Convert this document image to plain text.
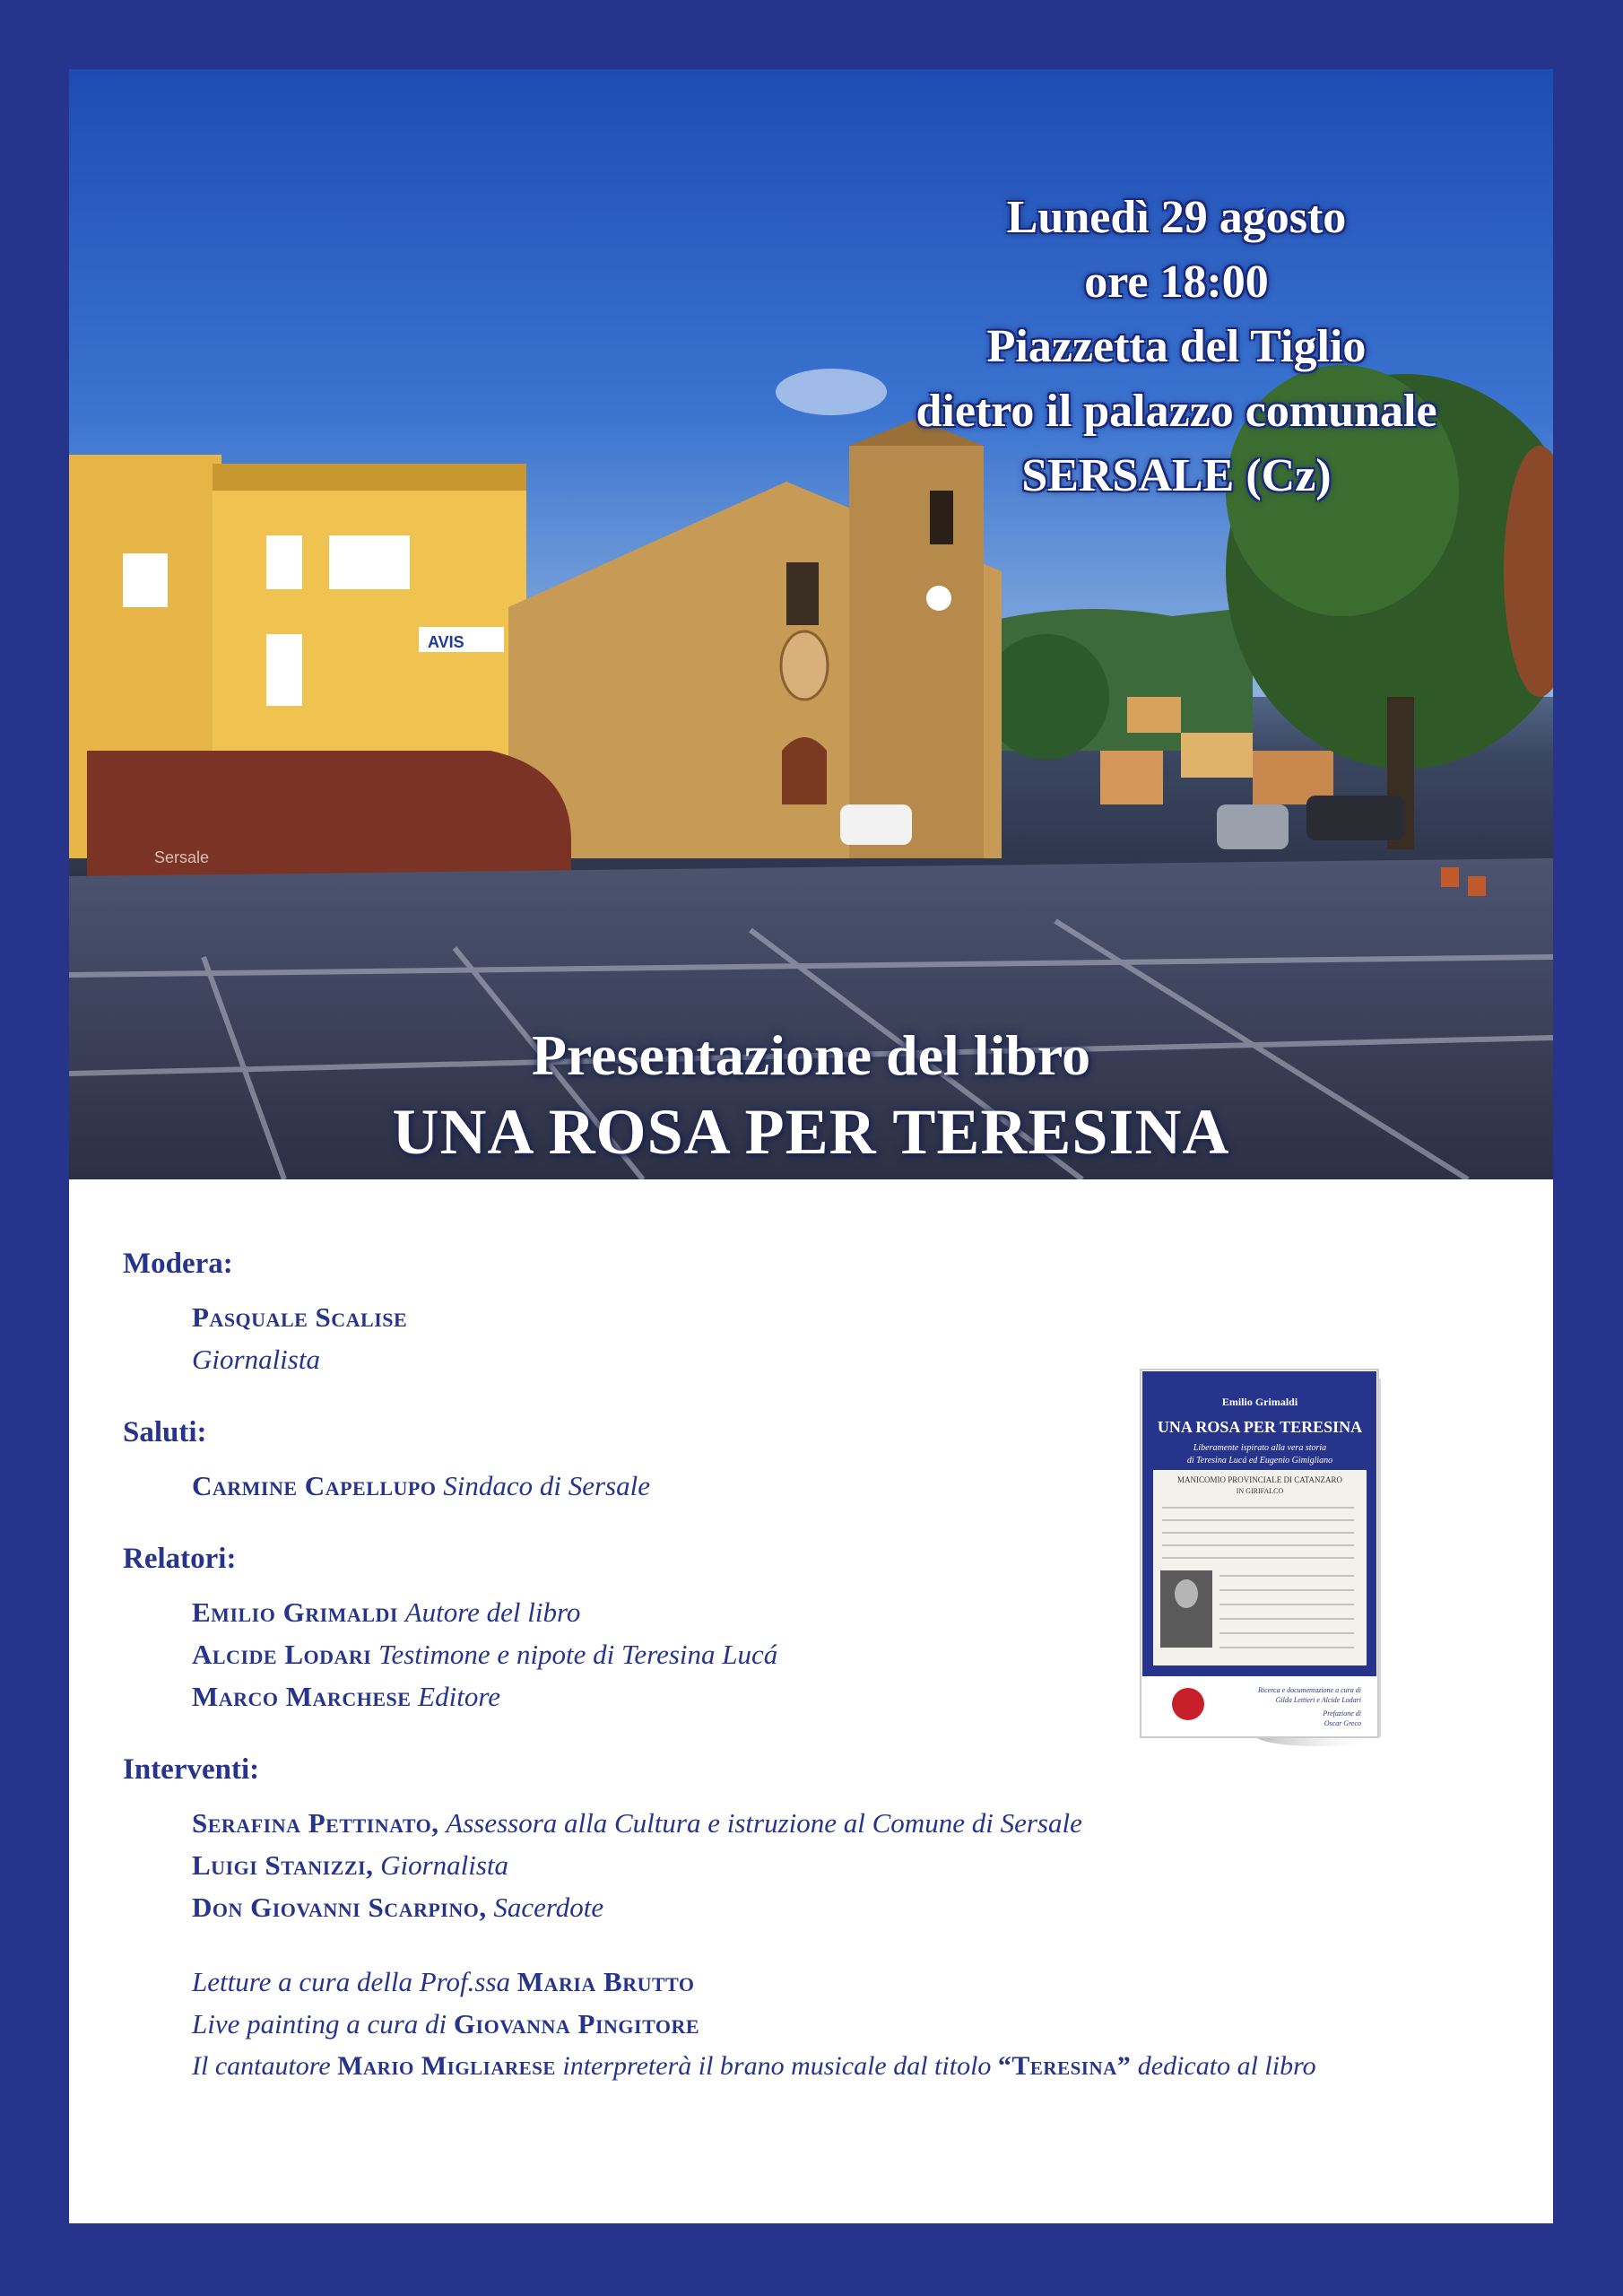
AVIS
Sersale
Lunedì 29 agosto
ore 18:00
Piazzetta del Tiglio
dietro il palazzo comunale
SERSALE (Cz)
Presentazione del libro
UNA ROSA PER TERESINA

Modera:

Pasquale Scalise
Giornalista

Saluti:

Carmine Capellupo Sindaco di Sersale

Relatori:

Emilio Grimaldi Autore del libro
Alcide Lodari Testimone e nipote di Teresina Lucá
Marco Marchese Editore

Interventi:

Serafina Pettinato, Assessora alla Cultura e istruzione al Comune di Sersale
Luigi Stanizzi, Giornalista
Don Giovanni Scarpino, Sacerdote
Letture a cura della Prof.ssa Maria Brutto
Live painting a cura di Giovanna Pingitore
Il cantautore Mario Migliarese interpreterà il brano musicale dal titolo “Teresina” dedicato al libro
Emilio Grimaldi
UNA ROSA PER TERESINA
Liberamente ispirato alla vera storia
di Teresina Lucá ed Eugenio Gimigliano
MANICOMIO PROVINCIALE DI CATANZARO
IN GIRIFALCO
Ricerca e documentazione a cura di
Gilda Lettieri e Alcide Lodari
Prefazione di
Oscar Greco
